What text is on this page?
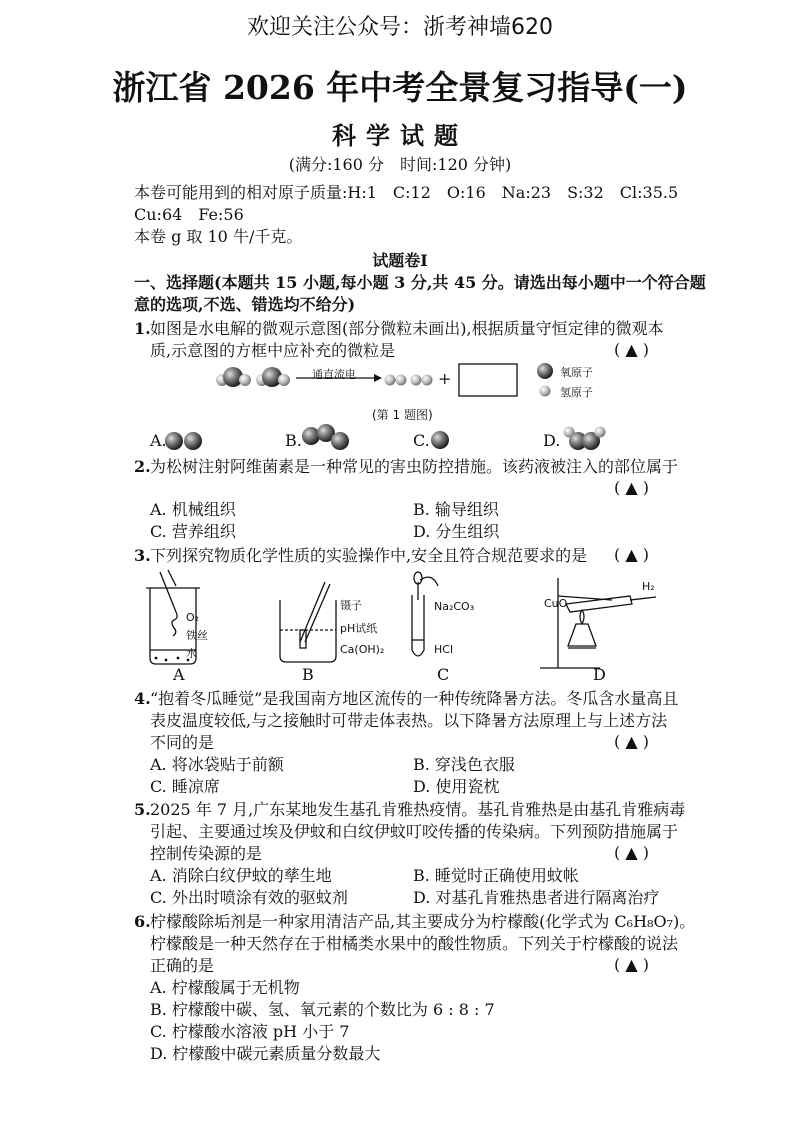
欢迎关注公众号：浙考神墙620
浙江省 2026 年中考全景复习指导(一)
科学试题
(满分:160 分　时间:120 分钟)
本卷可能用到的相对原子质量:H:1　C:12　O:16　Na:23　S:32　Cl:35.5
Cu:64　Fe:56
本卷 g 取 10 牛/千克。
试题卷Ⅰ
一、选择题(本题共 15 小题,每小题 3 分,共 45 分。请选出每小题中一个符合题
意的选项,不选、错选均不给分)
1. 如图是水电解的微观示意图(部分微粒未画出),根据质量守恒定律的微观本
质,示意图的方框中应补充的微粒是	( ▲ )
通直流电	+	氧原子
氢原子
(第 1 题图)
A.	B.	C.	D.
2. 为松树注射阿维菌素是一种常见的害虫防控措施。该药液被注入的部位属于
( ▲ )
A. 机械组织	B. 输导组织
C. 营养组织	D. 分生组织
3. 下列探究物质化学性质的实验操作中,安全且符合规范要求的是 ( ▲ )
O₂
铁丝
水
镊子
pH试纸
Ca(OH)₂
Na₂CO₃
HCl
CuO
H₂
A	B	C	D
4. “抱着冬瓜睡觉”是我国南方地区流传的一种传统降暑方法。冬瓜含水量高且
表皮温度较低,与之接触时可带走体表热。以下降暑方法原理上与上述方法
不同的是	( ▲ )
A. 将冰袋贴于前额	B. 穿浅色衣服
C. 睡凉席	D. 使用瓷枕
5. 2025 年 7 月,广东某地发生基孔肯雅热疫情。基孔肯雅热是由基孔肯雅病毒
引起、主要通过埃及伊蚊和白纹伊蚊叮咬传播的传染病。下列预防措施属于
控制传染源的是	( ▲ )
A. 消除白纹伊蚊的孳生地	B. 睡觉时正确使用蚊帐
C. 外出时喷涂有效的驱蚊剂	D. 对基孔肯雅热患者进行隔离治疗
6. 柠檬酸除垢剂是一种家用清洁产品,其主要成分为柠檬酸(化学式为 C₆H₈O₇)。
柠檬酸是一种天然存在于柑橘类水果中的酸性物质。下列关于柠檬酸的说法
正确的是	( ▲ )
A. 柠檬酸属于无机物
B. 柠檬酸中碳、氢、氧元素的个数比为 6 : 8 : 7
C. 柠檬酸水溶液 pH 小于 7
D. 柠檬酸中碳元素质量分数最大
